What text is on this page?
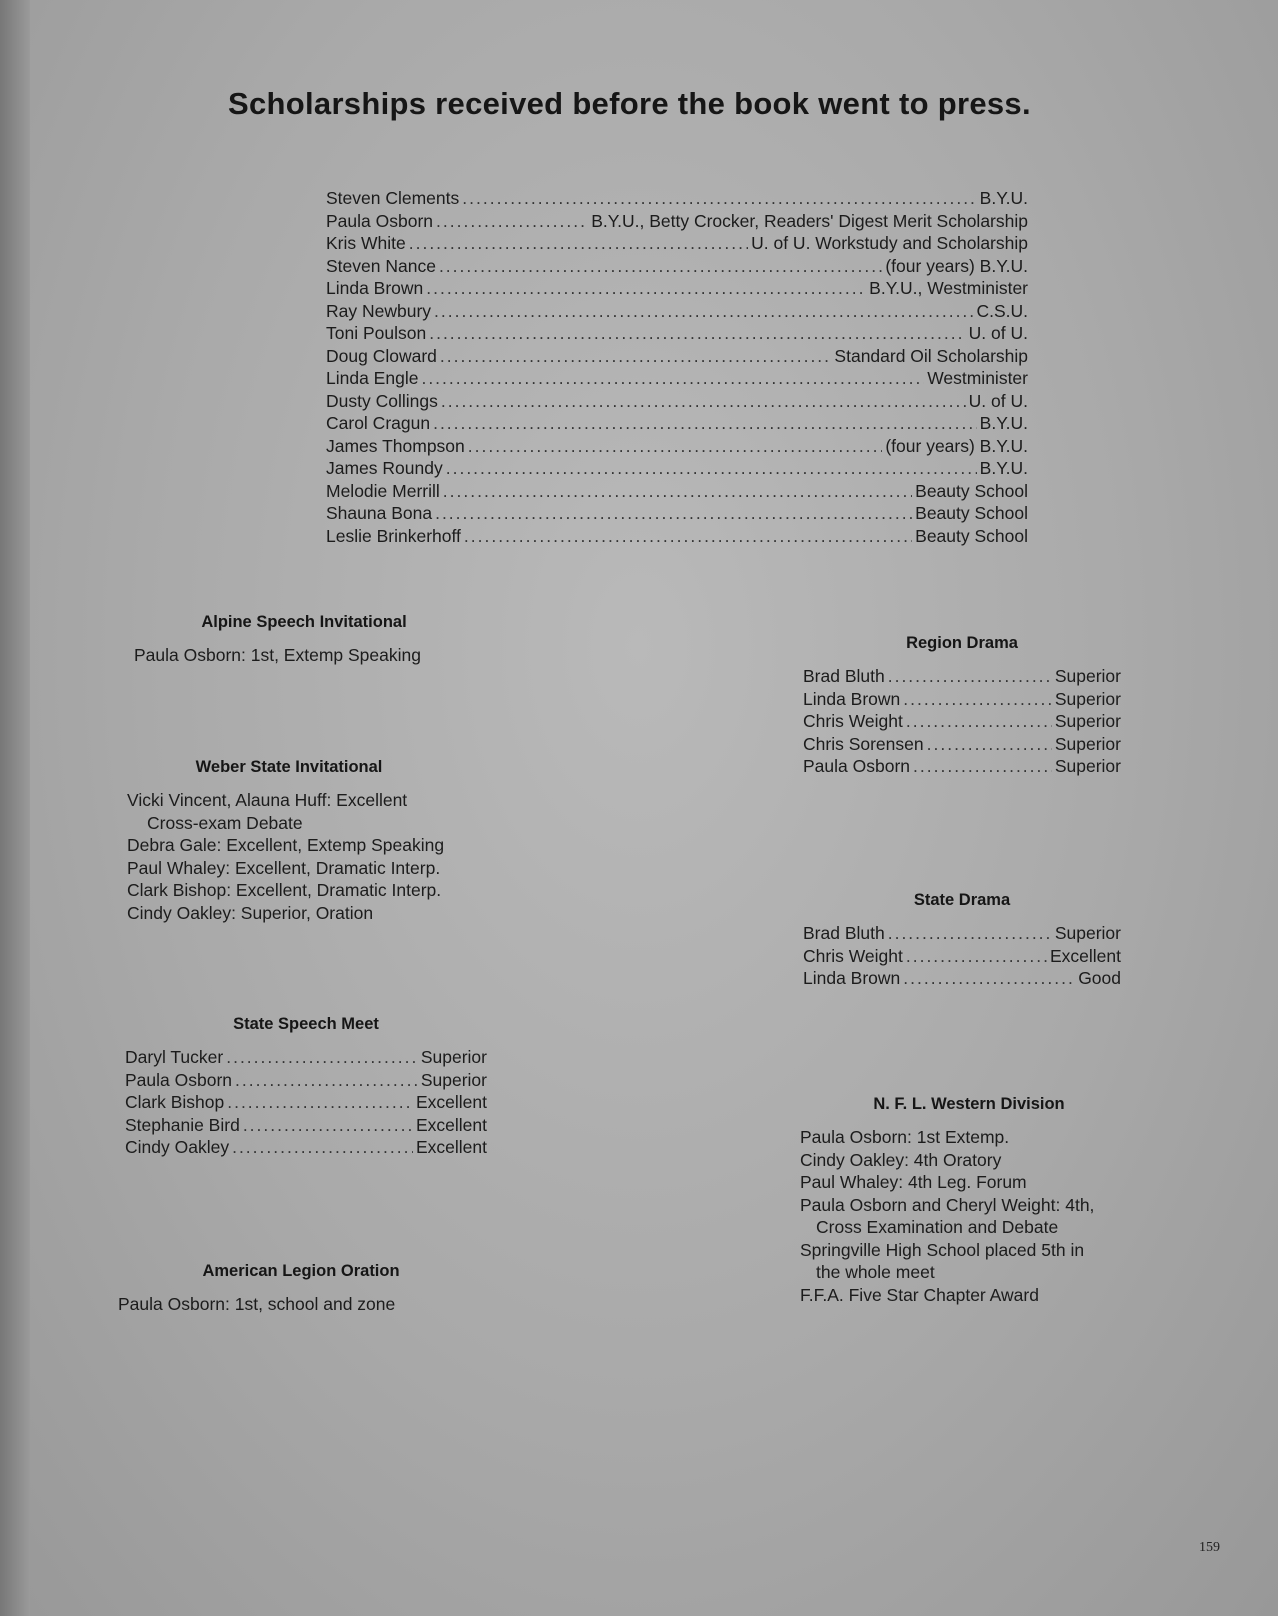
Scholarships received before the book went to press.
Steven Clements .....	B.Y.U.
Paula Osborn .....	B.Y.U., Betty Crocker, Readers' Digest Merit Scholarship
Kris White .....	U. of U. Workstudy and Scholarship
Steven Nance .....	(four years) B.Y.U.
Linda Brown .....	B.Y.U., Westminister
Ray Newbury .....	C.S.U.
Toni Poulson .....	U. of U.
Doug Cloward .....	Standard Oil Scholarship
Linda Engle .....	Westminister
Dusty Collings .....	U. of U.
Carol Cragun .....	B.Y.U.
James Thompson .....	(four years) B.Y.U.
James Roundy .....	B.Y.U.
Melodie Merrill .....	Beauty School
Shauna Bona .....	Beauty School
Leslie Brinkerhoff .....	Beauty School
Alpine Speech Invitational
Paula Osborn: 1st, Extemp Speaking
Weber State Invitational
Vicki Vincent, Alauna Huff: Excellent
Cross-exam Debate
Debra Gale: Excellent, Extemp Speaking
Paul Whaley: Excellent, Dramatic Interp.
Clark Bishop: Excellent, Dramatic Interp.
Cindy Oakley: Superior, Oration
State Speech Meet
Daryl Tucker .....	Superior
Paula Osborn .....	Superior
Clark Bishop .....	Excellent
Stephanie Bird .....	Excellent
Cindy Oakley .....	Excellent
American Legion Oration
Paula Osborn: 1st, school and zone
Region Drama
Brad Bluth .....	Superior
Linda Brown .....	Superior
Chris Weight .....	Superior
Chris Sorensen .....	Superior
Paula Osborn .....	Superior
State Drama
Brad Bluth .....	Superior
Chris Weight .....	Excellent
Linda Brown .....	Good
N. F. L. Western Division
Paula Osborn: 1st Extemp.
Cindy Oakley: 4th Oratory
Paul Whaley: 4th Leg. Forum
Paula Osborn and Cheryl Weight: 4th,
Cross Examination and Debate
Springville High School placed 5th in
the whole meet
F.F.A. Five Star Chapter Award
159
